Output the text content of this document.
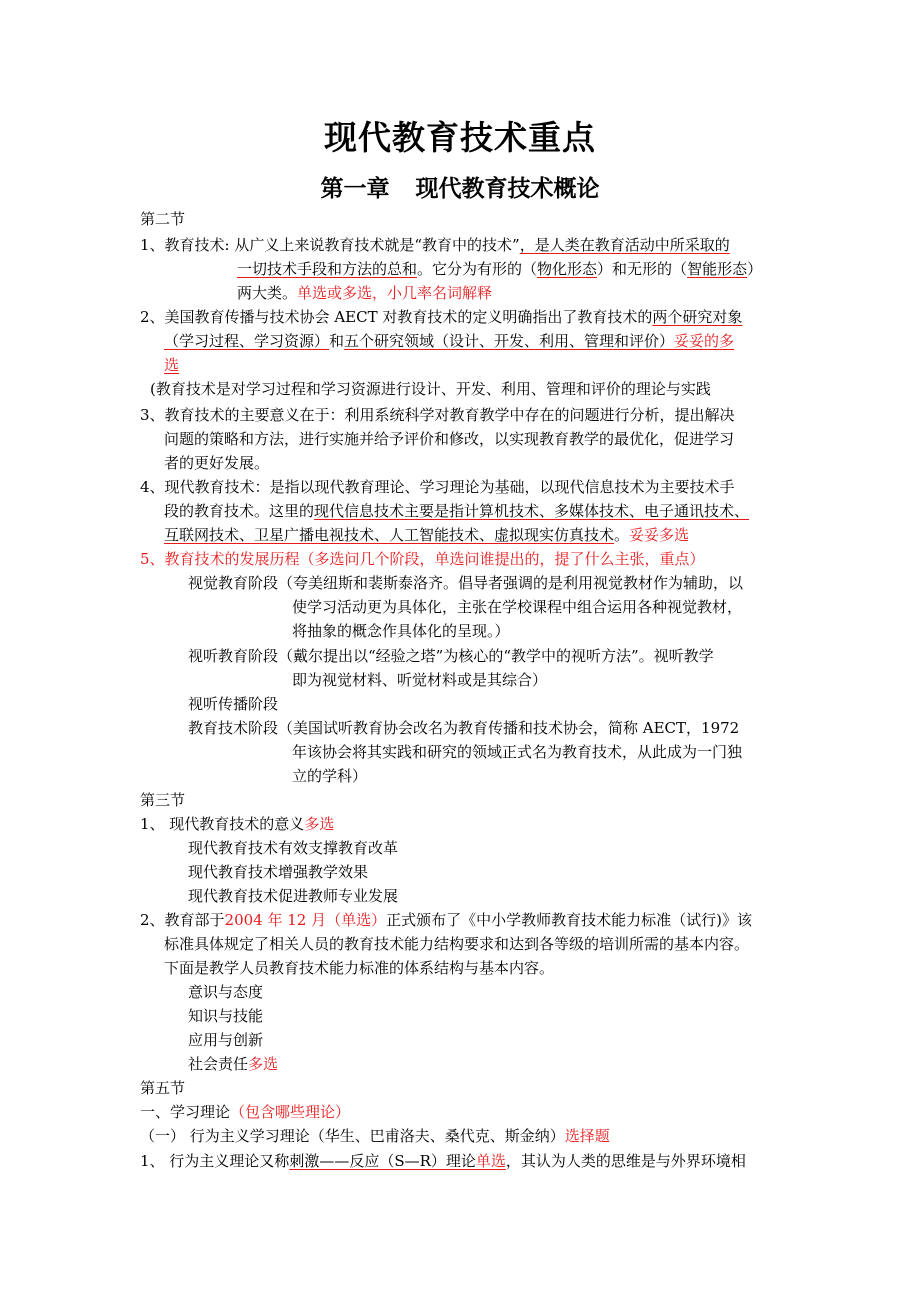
现代教育技术重点
第一章 现代教育技术概论
第二节
1、教育技术: 从广义上来说教育技术就是“教育中的技术”，是人类在教育活动中所采取的
一切技术手段和方法的总和。它分为有形的（物化形态）和无形的（智能形态）
两大类。单选或多选，小几率名词解释
2、美国教育传播与技术协会 AECT 对教育技术的定义明确指出了教育技术的两个研究对象
（学习过程、学习资源）和五个研究领域（设计、开发、利用、管理和评价）妥妥的多
选
(教育技术是对学习过程和学习资源进行设计、开发、利用、管理和评价的理论与实践
3、教育技术的主要意义在于：利用系统科学对教育教学中存在的问题进行分析，提出解决
问题的策略和方法，进行实施并给予评价和修改，以实现教育教学的最优化，促进学习
者的更好发展。
4、现代教育技术：是指以现代教育理论、学习理论为基础，以现代信息技术为主要技术手
段的教育技术。这里的现代信息技术主要是指计算机技术、多媒体技术、电子通讯技术、
互联网技术、卫星广播电视技术、人工智能技术、虚拟现实仿真技术。妥妥多选
5、教育技术的发展历程（多选问几个阶段，单选问谁提出的，提了什么主张，重点）
视觉教育阶段（夸美纽斯和裴斯泰洛齐。倡导者强调的是利用视觉教材作为辅助，以
使学习活动更为具体化，主张在学校课程中组合运用各种视觉教材，
将抽象的概念作具体化的呈现。）
视听教育阶段（戴尔提出以“经验之塔”为核心的“教学中的视听方法”。视听教学
即为视觉材料、听觉材料或是其综合）
视听传播阶段
教育技术阶段（美国试听教育协会改名为教育传播和技术协会，简称 AECT，1972
年该协会将其实践和研究的领域正式名为教育技术，从此成为一门独
立的学科）
第三节
1、 现代教育技术的意义多选
现代教育技术有效支撑教育改革
现代教育技术增强教学效果
现代教育技术促进教师专业发展
2、教育部于2004 年 12 月（单选）正式颁布了《中小学教师教育技术能力标准（试行)》该
标准具体规定了相关人员的教育技术能力结构要求和达到各等级的培训所需的基本内容。
下面是教学人员教育技术能力标准的体系结构与基本内容。
意识与态度
知识与技能
应用与创新
社会责任多选
第五节
一、学习理论（包含哪些理论）
（一） 行为主义学习理论（华生、巴甫洛夫、桑代克、斯金纳）选择题
1、 行为主义理论又称刺激——反应（S—R）理论单选，其认为人类的思维是与外界环境相
